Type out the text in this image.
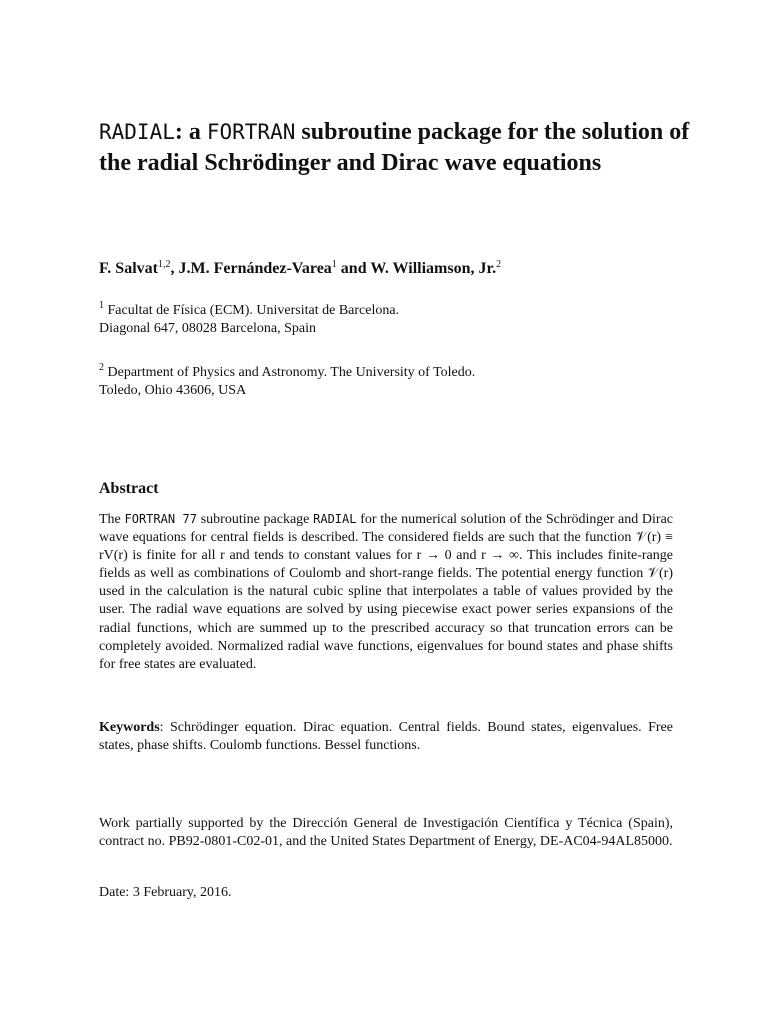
RADIAL: a FORTRAN subroutine package for the solution of the radial Schrödinger and Dirac wave equations

F. Salvat$^{1,2}$, J.M. Fernández-Varea$^1$ and W. Williamson, Jr.$^2$

$^1$ Facultat de Física (ECM). Universitat de Barcelona.
Diagonal 647, 08028 Barcelona, Spain

$^2$ Department of Physics and Astronomy. The University of Toledo.
Toledo, Ohio 43606, USA

Abstract

The FORTRAN 77 subroutine package RADIAL for the numerical solution of the Schrödinger and Dirac wave equations for central fields is described. The considered fields are such that the function 𝒱(r) ≡ rV(r) is finite for all r and tends to constant values for r → 0 and r → ∞. This includes finite-range fields as well as combinations of Coulomb and short-range fields. The potential energy function 𝒱(r) used in the calculation is the natural cubic spline that interpolates a table of values provided by the user. The radial wave equations are solved by using piecewise exact power series expansions of the radial functions, which are summed up to the prescribed accuracy so that truncation errors can be completely avoided. Normalized radial wave functions, eigenvalues for bound states and phase shifts for free states are evaluated.

Keywords: Schrödinger equation. Dirac equation. Central fields. Bound states, eigenvalues. Free states, phase shifts. Coulomb functions. Bessel functions.

Work partially supported by the Dirección General de Investigación Científica y Técnica (Spain), contract no. PB92-0801-C02-01, and the United States Department of Energy, DE-AC04-94AL85000.

Date: 3 February, 2016.
